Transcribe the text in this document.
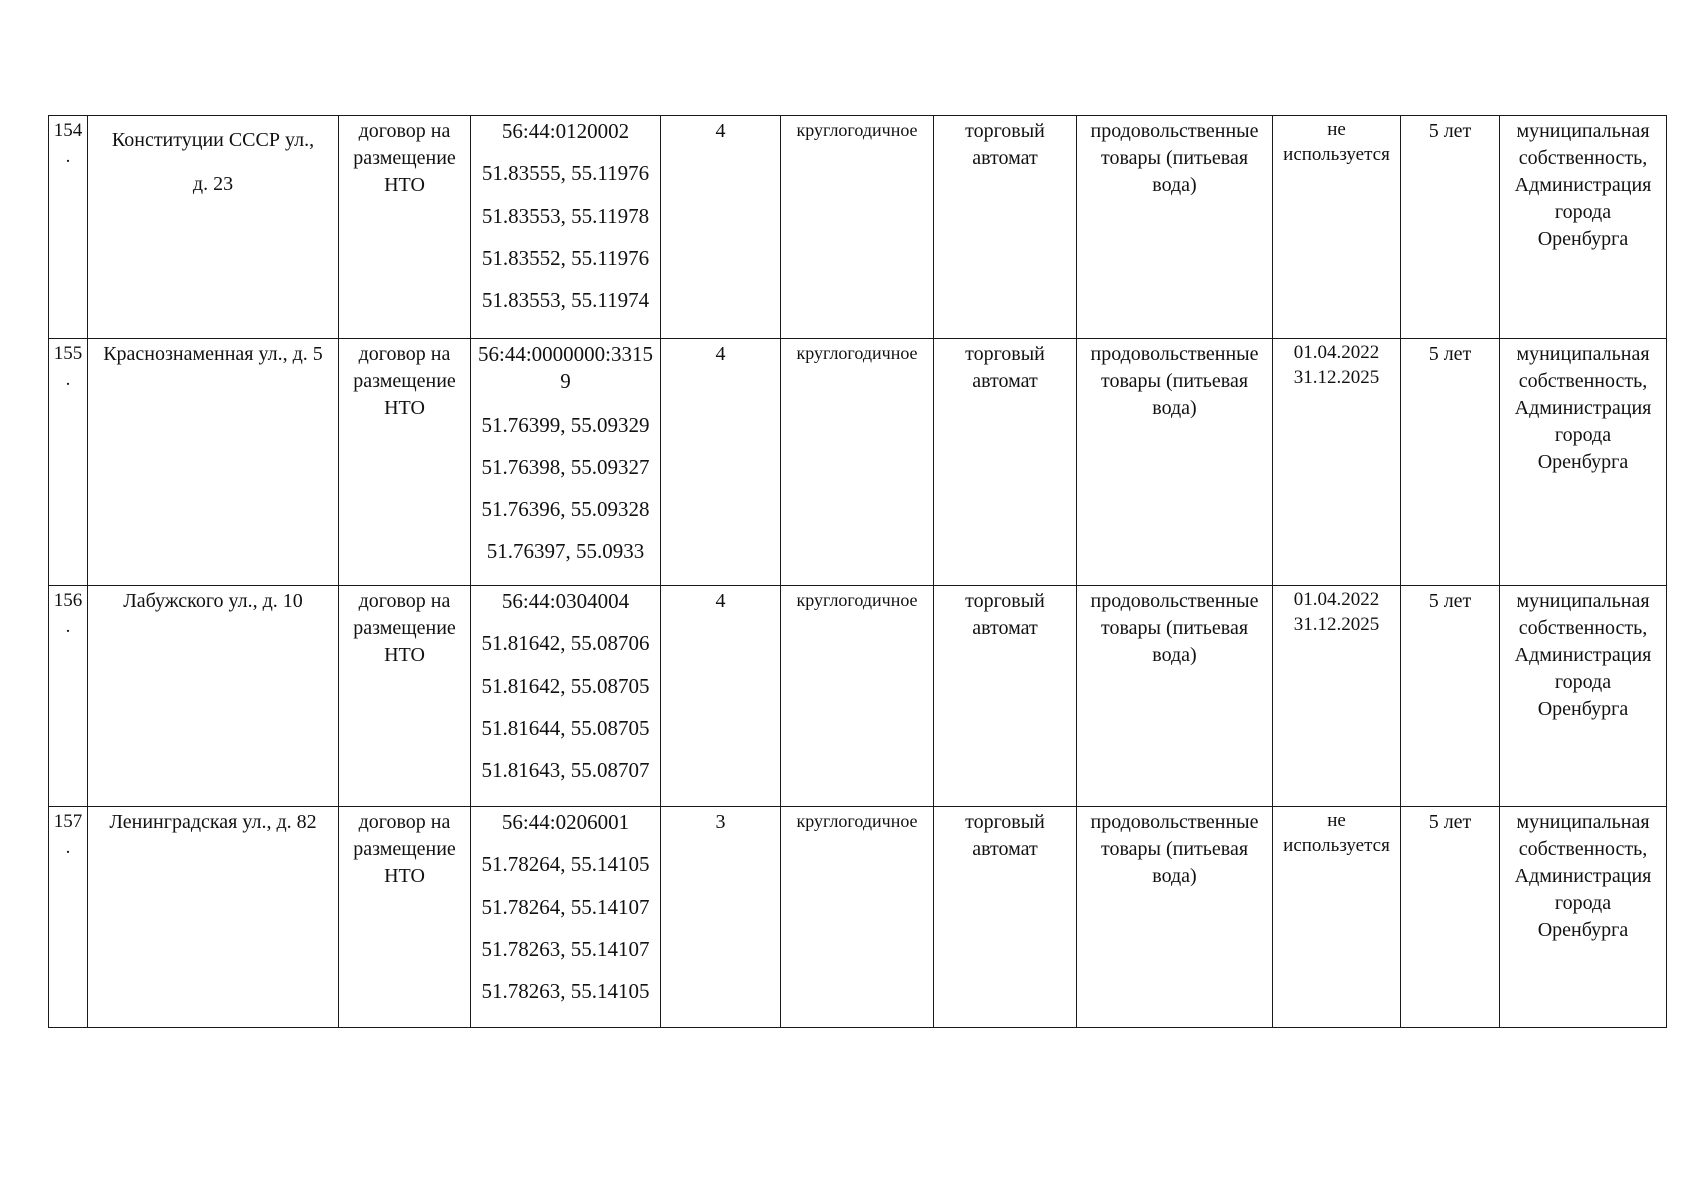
154.	Конституции СССР ул.,
д. 23	договор на
размещение
НТО	56:44:0120002
51.83555, 55.11976
51.83553, 55.11978
51.83552, 55.11976
51.83553, 55.11974	4	круглогодичное	торговый
автомат	продовольственные
товары (питьевая
вода)	не
используется	5 лет	муниципальная
собственность,
Администрация
города
Оренбурга

155.	Краснознаменная ул., д. 5	договор на
размещение
НТО	56:44:0000000:33159
51.76399, 55.09329
51.76398, 55.09327
51.76396, 55.09328
51.76397, 55.0933	4	круглогодичное	торговый
автомат	продовольственные
товары (питьевая
вода)	01.04.2022
31.12.2025	5 лет	муниципальная
собственность,
Администрация
города
Оренбурга

156.	Лабужского ул., д. 10	договор на
размещение
НТО	56:44:0304004
51.81642, 55.08706
51.81642, 55.08705
51.81644, 55.08705
51.81643, 55.08707	4	круглогодичное	торговый
автомат	продовольственные
товары (питьевая
вода)	01.04.2022
31.12.2025	5 лет	муниципальная
собственность,
Администрация
города
Оренбурга

157.	Ленинградская ул., д. 82	договор на
размещение
НТО	56:44:0206001
51.78264, 55.14105
51.78264, 55.14107
51.78263, 55.14107
51.78263, 55.14105	3	круглогодичное	торговый
автомат	продовольственные
товары (питьевая
вода)	не
используется	5 лет	муниципальная
собственность,
Администрация
города
Оренбурга
